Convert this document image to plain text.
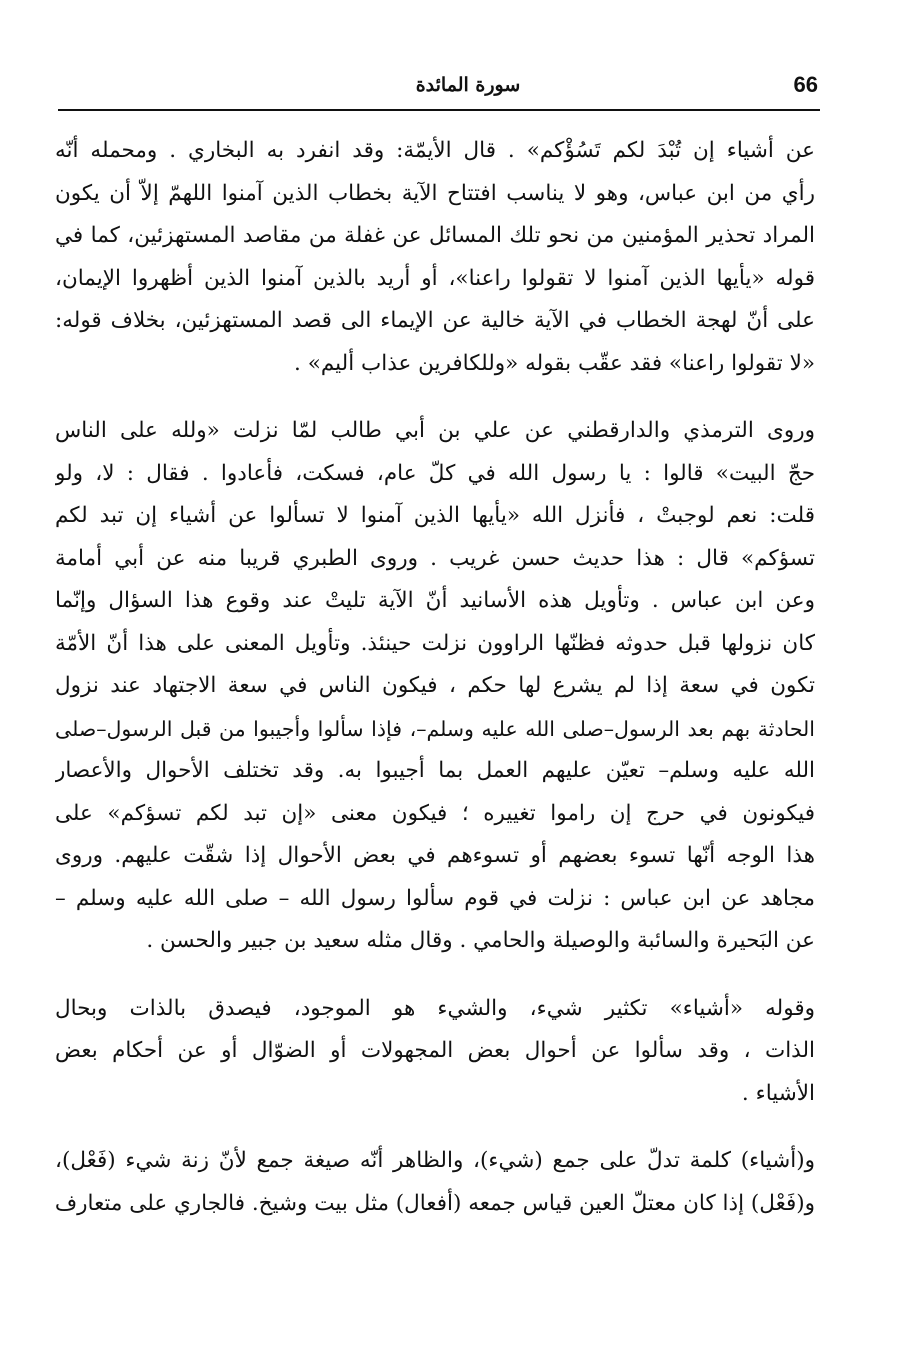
66
سورة المائدة
عن أشياء إن تُبْدَ لكم تَسُؤْكم» . قال الأيمّة: وقد انفرد به البخاري . ومحمله أنّه
رأي من ابن عباس، وهو لا يناسب افتتاح الآية بخطاب الذين آمنوا اللهمّ إلاّ أن يكون
المراد تحذير المؤمنين من نحو تلك المسائل عن غفلة من مقاصد المستهزئين، كما في
قوله «يأيها الذين آمنوا لا تقولوا راعنا»، أو أريد بالذين آمنوا الذين أظهروا الإيمان،
على أنّ لهجة الخطاب في الآية خالية عن الإيماء الى قصد المستهزئين، بخلاف قوله:
«لا تقولوا راعنا» فقد عقّب بقوله «وللكافرين عذاب أليم» .
وروى الترمذي والدارقطني عن علي بن أبي طالب لمّا نزلت «ولله على الناس
حجّ البيت» قالوا : يا رسول الله في كلّ عام، فسكت، فأعادوا . فقال : لا، ولو
قلت: نعم لوجبتْ ، فأنزل الله «يأيها الذين آمنوا لا تسألوا عن أشياء إن تبد لكم
تسؤكم» قال : هذا حديث حسن غريب . وروى الطبري قريبا منه عن أبي أمامة
وعن ابن عباس . وتأويل هذه الأسانيد أنّ الآية تليتْ عند وقوع هذا السؤال وإنّما
كان نزولها قبل حدوثه فظنّها الراوون نزلت حينئذ. وتأويل المعنى على هذا أنّ الأمّة
تكون في سعة إذا لم يشرع لها حكم ، فيكون الناس في سعة الاجتهاد عند نزول
الحادثة بهم بعد الرسول–صلى الله عليه وسلم–، فإذا سألوا وأجيبوا من قبل الرسول–صلى
الله عليه وسلم– تعيّن عليهم العمل بما أجيبوا به. وقد تختلف الأحوال والأعصار
فيكونون في حرج إن راموا تغييره ؛ فيكون معنى «إن تبد لكم تسؤكم» على
هذا الوجه أنّها تسوء بعضهم أو تسوءهم في بعض الأحوال إذا شقّت عليهم. وروى
مجاهد عن ابن عباس : نزلت في قوم سألوا رسول الله – صلى الله عليه وسلم –
عن البَحيرة والسائبة والوصيلة والحامي . وقال مثله سعيد بن جبير والحسن .
وقوله «أشياء» تكثير شيء، والشيء هو الموجود، فيصدق بالذات وبحال
الذات ، وقد سألوا عن أحوال بعض المجهولات أو الضوّال أو عن أحكام بعض
الأشياء .
و(أشياء) كلمة تدلّ على جمع (شيء)، والظاهر أنّه صيغة جمع لأنّ زنة شيء (فَعْل)،
و(فَعْل) إذا كان معتلّ العين قياس جمعه (أفعال) مثل بيت وشيخ. فالجاري على متعارف
